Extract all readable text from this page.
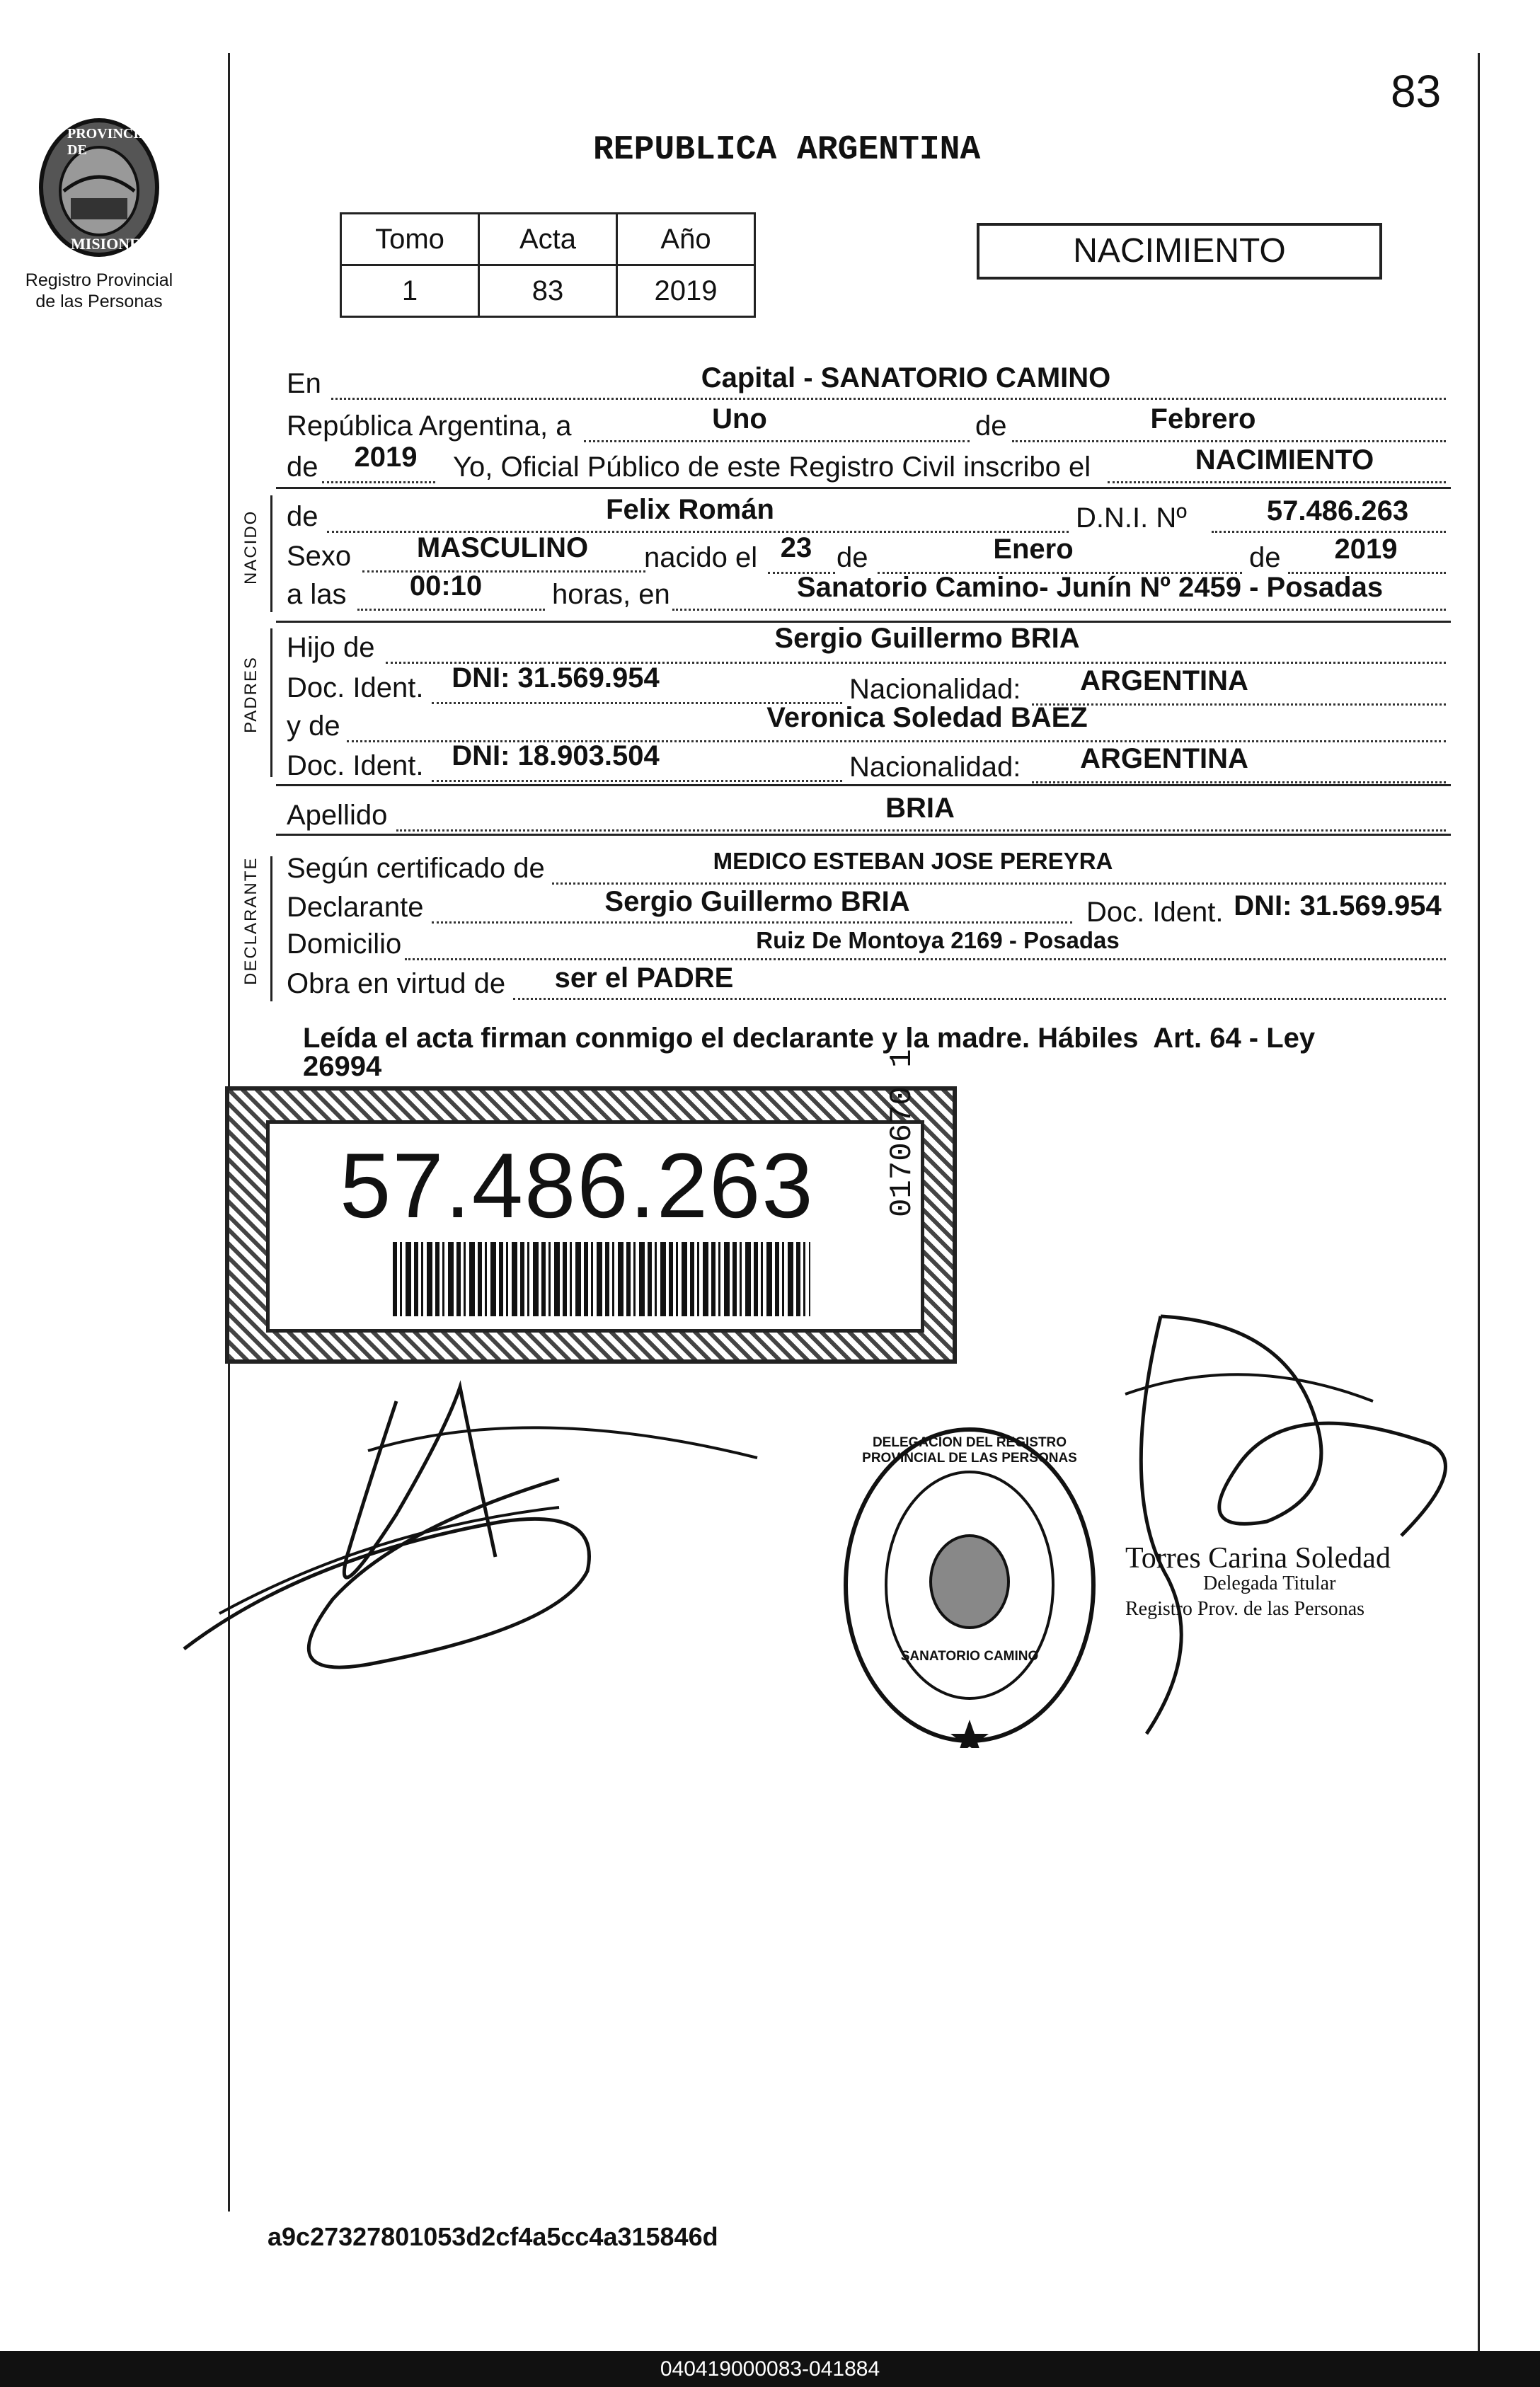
83
PROVINCIA DE
MISIONES
Registro Provincial
de las Personas
REPUBLICA ARGENTINA
Tomo	Acta	Año
1	83	2019
NACIMIENTO
NACIDO
PADRES
DECLARANTE
En	Capital - SANATORIO CAMINO
República Argentina, a	Uno	de	Febrero
de	2019	Yo, Oficial Público de este Registro Civil inscribo el	NACIMIENTO
de	Felix Román	D.N.I. Nº	57.486.263
Sexo	MASCULINO	nacido el 23 de	Enero	de	2019
a las	00:10	horas, en	Sanatorio Camino- Junín Nº 2459 - Posadas
Hijo de	Sergio Guillermo BRIA
Doc. Ident. DNI: 31.569.954	Nacionalidad:	ARGENTINA
y de	Veronica Soledad BAEZ
Doc. Ident. DNI: 18.903.504	Nacionalidad:	ARGENTINA
Apellido	BRIA
Según certificado de	MEDICO ESTEBAN JOSE PEREYRA
Declarante	Sergio Guillermo BRIA	Doc. Ident. DNI: 31.569.954
Domicilio	Ruiz De Montoya 2169 - Posadas
Obra en virtud de	ser el PADRE
Leída el acta firman conmigo el declarante y la madre. Hábiles  Art. 64 - Ley
26994
57.486.263 0170670 1
DELEGACION DEL REGISTRO PROVINCIAL DE LAS PERSONAS
SANATORIO CAMINO
Torres Carina Soledad
Delegada Titular
Registro Prov. de las Personas
a9c27327801053d2cf4a5cc4a315846d
040419000083-041884
